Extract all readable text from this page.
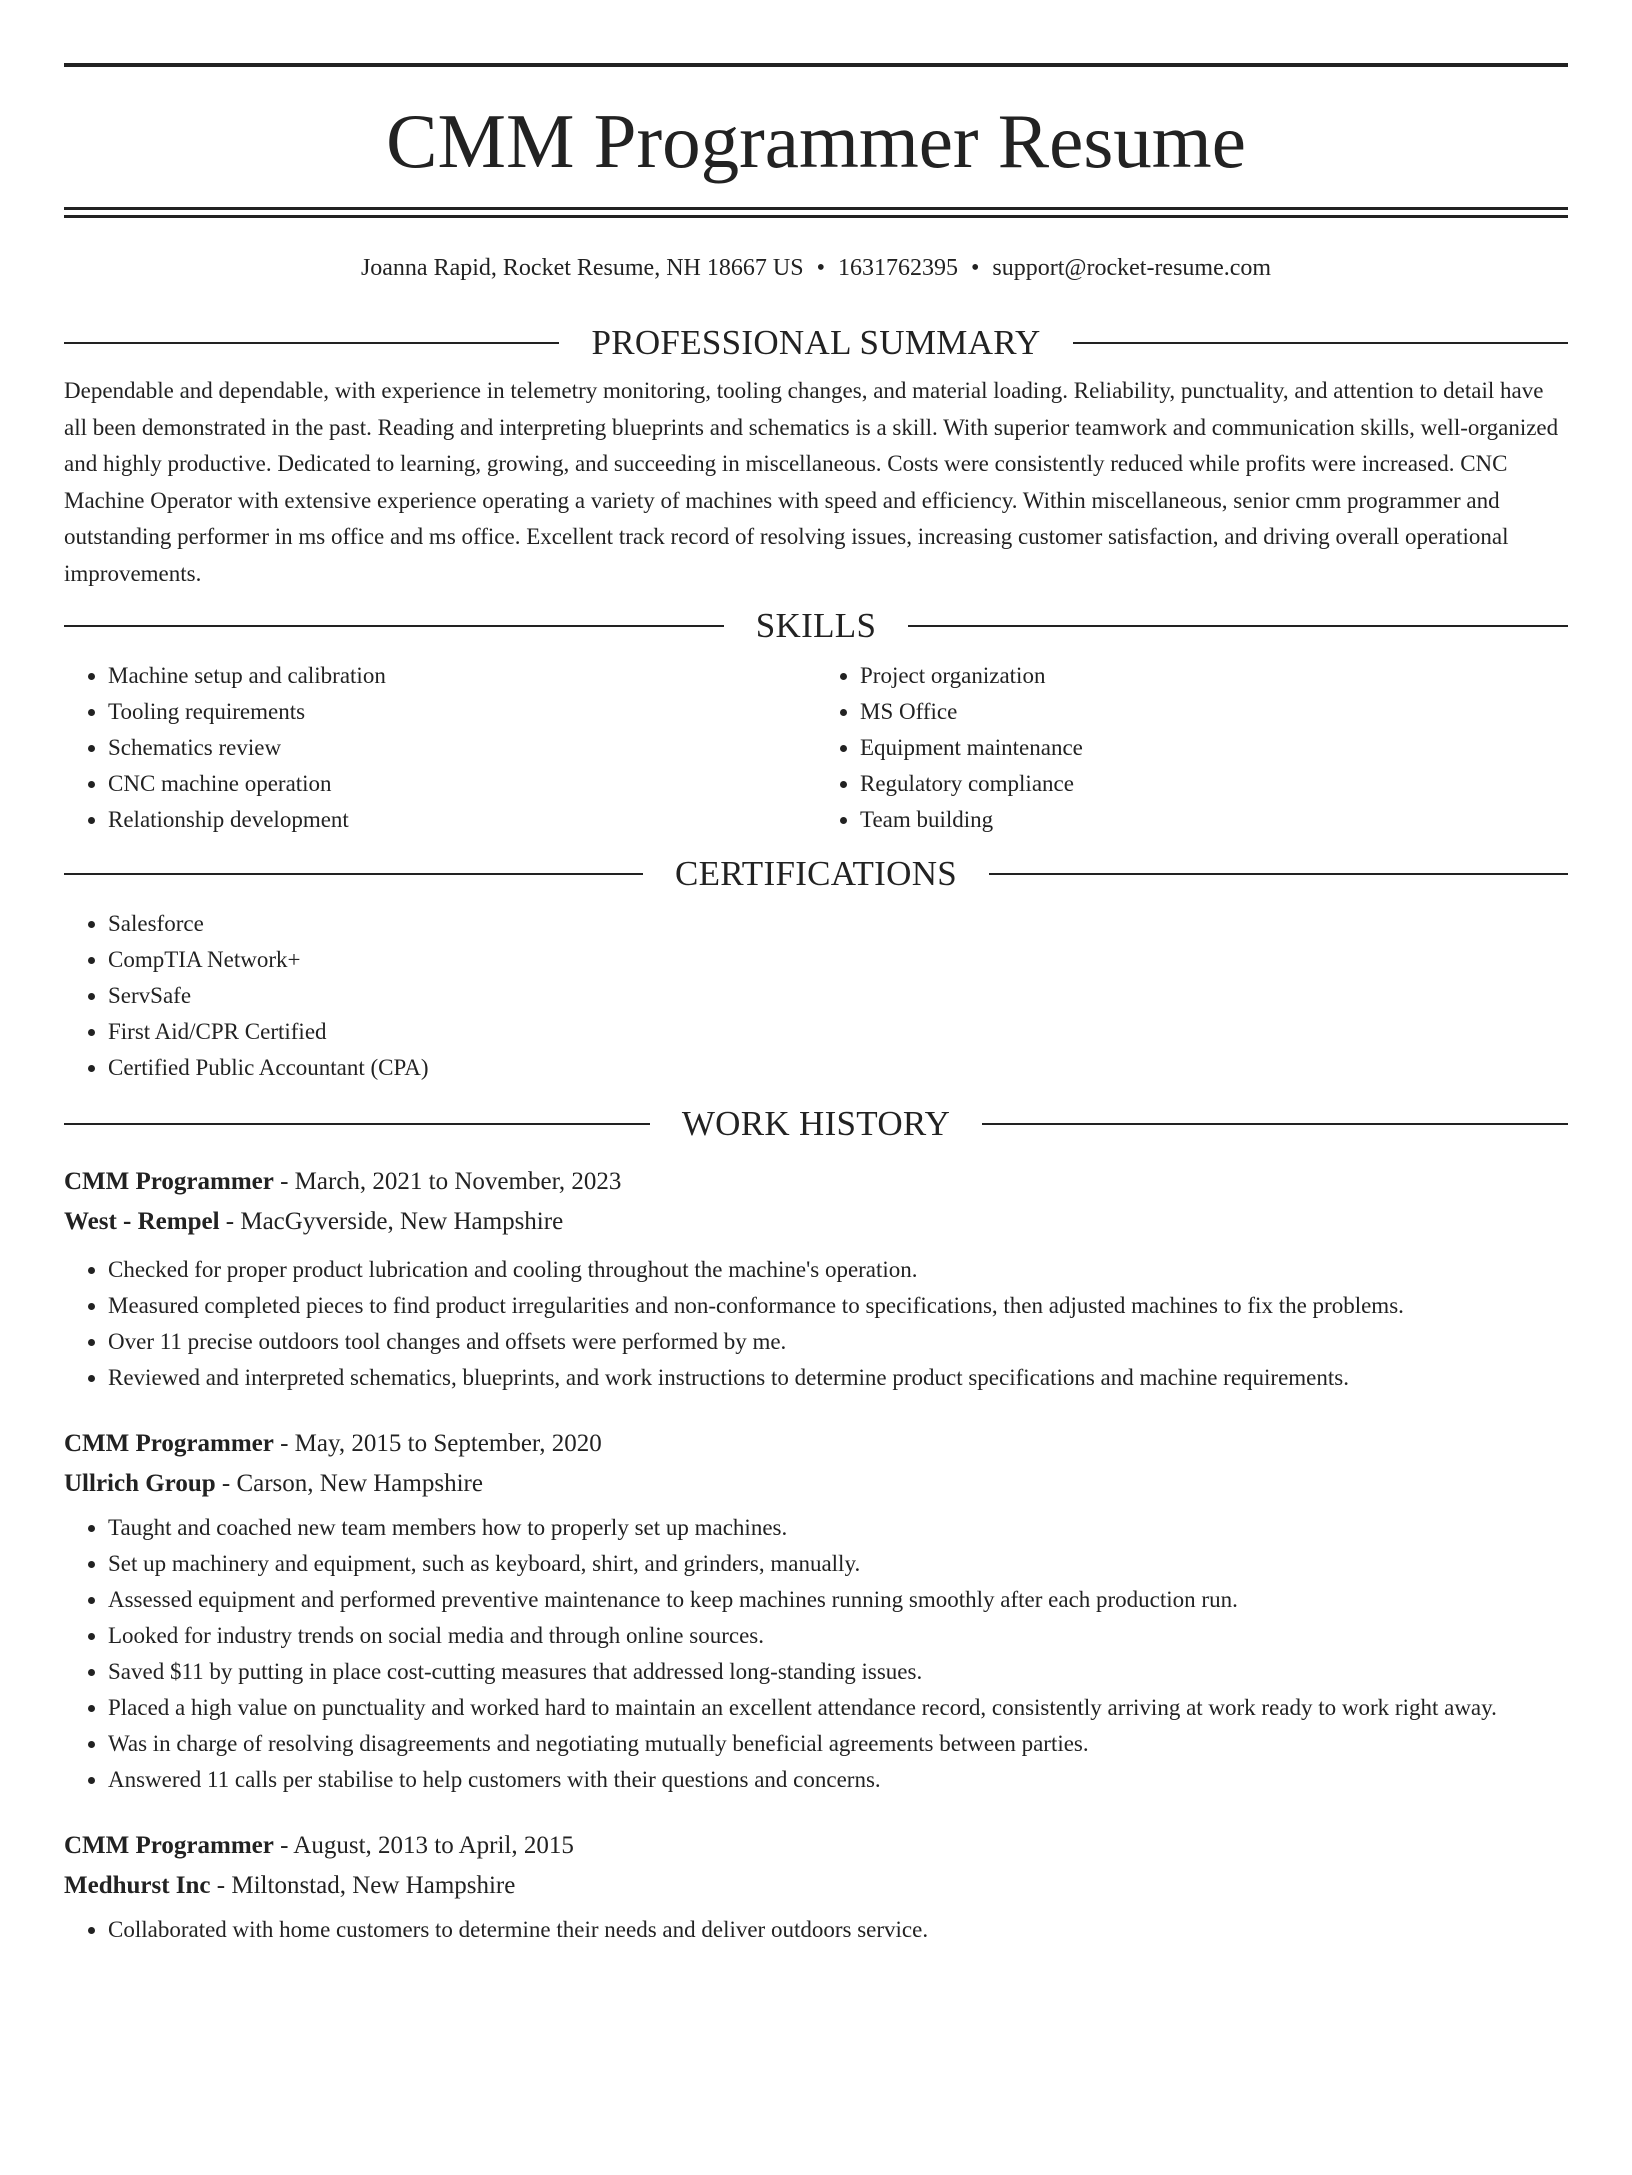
CMM Programmer Resume
Joanna Rapid, Rocket Resume, NH 18667 US • 1631762395 • support@rocket-resume.com
PROFESSIONAL SUMMARY

Dependable and dependable, with experience in telemetry monitoring, tooling changes, and material loading. Reliability, punctuality, and attention to detail have all been demonstrated in the past. Reading and interpreting blueprints and schematics is a skill. With superior teamwork and communication skills, well-organized and highly productive. Dedicated to learning, growing, and succeeding in miscellaneous. Costs were consistently reduced while profits were increased. CNC Machine Operator with extensive experience operating a variety of machines with speed and efficiency. Within miscellaneous, senior cmm programmer and outstanding performer in ms office and ms office. Excellent track record of resolving issues, increasing customer satisfaction, and driving overall operational improvements.

SKILLS
• Machine setup and calibration
• Tooling requirements
• Schematics review
• CNC machine operation
• Relationship development
• Project organization
• MS Office
• Equipment maintenance
• Regulatory compliance
• Team building
CERTIFICATIONS
• Salesforce
• CompTIA Network+
• ServSafe
• First Aid/CPR Certified
• Certified Public Accountant (CPA)
WORK HISTORY
CMM Programmer - March, 2021 to November, 2023
West - Rempel - MacGyverside, New Hampshire
• Checked for proper product lubrication and cooling throughout the machine's operation.
• Measured completed pieces to find product irregularities and non-conformance to specifications, then adjusted machines to fix the problems.
• Over 11 precise outdoors tool changes and offsets were performed by me.
• Reviewed and interpreted schematics, blueprints, and work instructions to determine product specifications and machine requirements.
CMM Programmer - May, 2015 to September, 2020
Ullrich Group - Carson, New Hampshire
• Taught and coached new team members how to properly set up machines.
• Set up machinery and equipment, such as keyboard, shirt, and grinders, manually.
• Assessed equipment and performed preventive maintenance to keep machines running smoothly after each production run.
• Looked for industry trends on social media and through online sources.
• Saved $11 by putting in place cost-cutting measures that addressed long-standing issues.
• Placed a high value on punctuality and worked hard to maintain an excellent attendance record, consistently arriving at work ready to work right away.
• Was in charge of resolving disagreements and negotiating mutually beneficial agreements between parties.
• Answered 11 calls per stabilise to help customers with their questions and concerns.
CMM Programmer - August, 2013 to April, 2015
Medhurst Inc - Miltonstad, New Hampshire
• Collaborated with home customers to determine their needs and deliver outdoors service.
